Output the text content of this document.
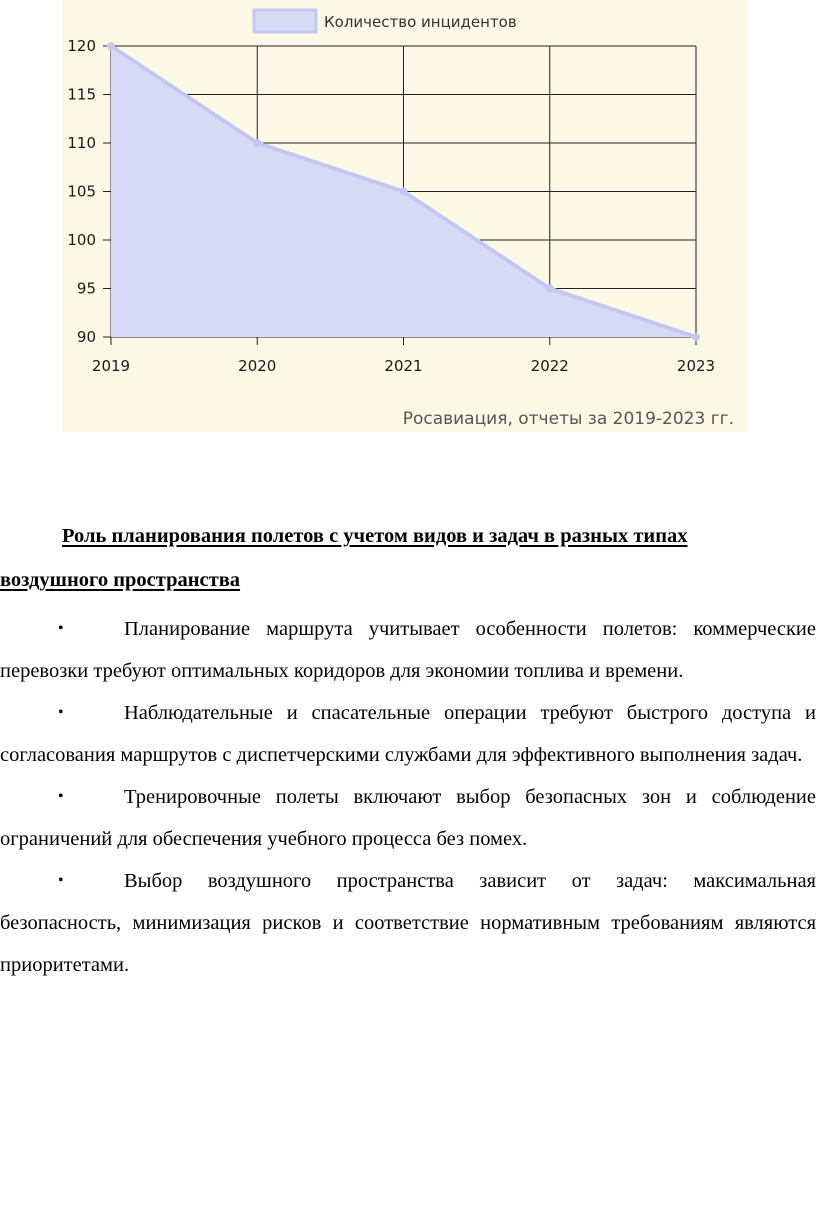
Количество инцидентов
120
115
110
105
100
95
90
2019	2020	2021	2022	2023
Росавиация, отчеты за 2019-2023 гг.

Роль планирования полетов с учетом видов и задач в разных типах
воздушного пространства

•	Планирование маршрута учитывает особенности полетов: коммерческие перевозки требуют оптимальных коридоров для экономии топлива и времени.
•	Наблюдательные и спасательные операции требуют быстрого доступа и согласования маршрутов с диспетчерскими службами для эффективного выполнения задач.
•	Тренировочные полеты включают выбор безопасных зон и соблюдение ограничений для обеспечения учебного процесса без помех.
•	Выбор воздушного пространства зависит от задач: максимальная безопасность, минимизация рисков и соответствие нормативным требованиям являются приоритетами.
